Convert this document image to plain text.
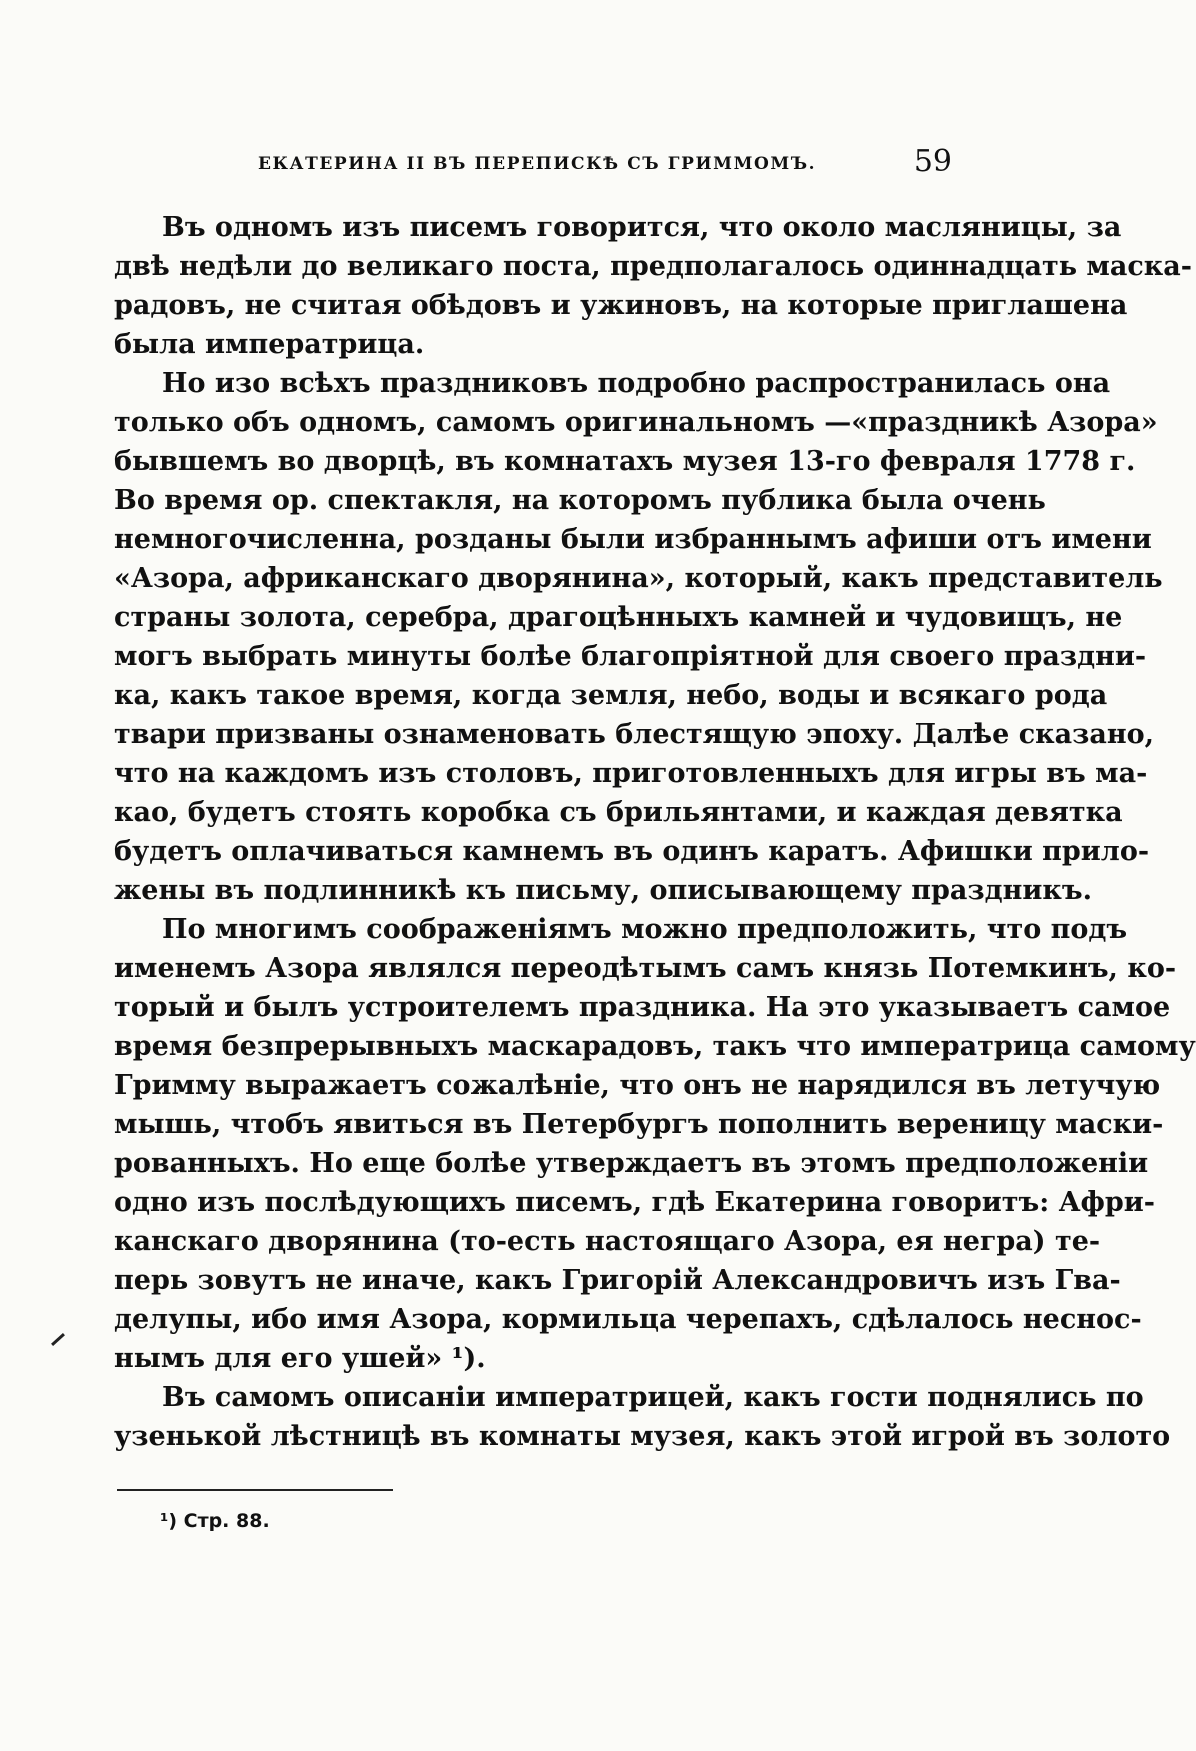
ЕКАТЕРИНА II ВЪ ПЕРЕПИСКѢ СЪ ГРИММОМЪ.	59
Въ одномъ изъ писемъ говорится, что около масляницы, за
двѣ недѣли до великаго поста, предполагалось одиннадцать маска-
радовъ, не считая обѣдовъ и ужиновъ, на которые приглашена
была императрица.
Но изо всѣхъ праздниковъ подробно распространилась она
только объ одномъ, самомъ оригинальномъ —«праздникѣ Азора»
бывшемъ во дворцѣ, въ комнатахъ музея 13-го февраля 1778 г.
Во время op. спектакля, на которомъ публика была очень
немногочисленна, розданы были избраннымъ афиши отъ имени
«Азора, африканскаго дворянина», который, какъ представитель
страны золота, серебра, драгоцѣнныхъ камней и чудовищъ, не
могъ выбрать минуты болѣе благопріятной для своего праздни-
ка, какъ такое время, когда земля, небо, воды и всякаго рода
твари призваны ознаменовать блестящую эпоху. Далѣе сказано,
что на каждомъ изъ столовъ, приготовленныхъ для игры въ ма-
као, будетъ стоять коробка съ брильянтами, и каждая девятка
будетъ оплачиваться камнемъ въ одинъ каратъ. Афишки прило-
жены въ подлинникѣ къ письму, описывающему праздникъ.
По многимъ соображеніямъ можно предположить, что подъ
именемъ Азора являлся переодѣтымъ самъ князь Потемкинъ, ко-
торый и былъ устроителемъ праздника. На это указываетъ самое
время безпрерывныхъ маскарадовъ, такъ что императрица самому
Гримму выражаетъ сожалѣніе, что онъ не нарядился въ летучую
мышь, чтобъ явиться въ Петербургъ пополнить вереницу маски-
рованныхъ. Но еще болѣе утверждаетъ въ этомъ предположеніи
одно изъ послѣдующихъ писемъ, гдѣ Екатерина говоритъ: Афри-
канскаго дворянина (то-есть настоящаго Азора, ея негра) те-
перь зовутъ не иначе, какъ Григорій Александровичъ изъ Гва-
делупы, ибо имя Азора, кормильца черепахъ, сдѣлалось неснос-
нымъ для его ушей» ¹).
Въ самомъ описаніи императрицей, какъ гости поднялись по
узенькой лѣстницѣ въ комнаты музея, какъ этой игрой въ золото
¹) Стр. 88.
